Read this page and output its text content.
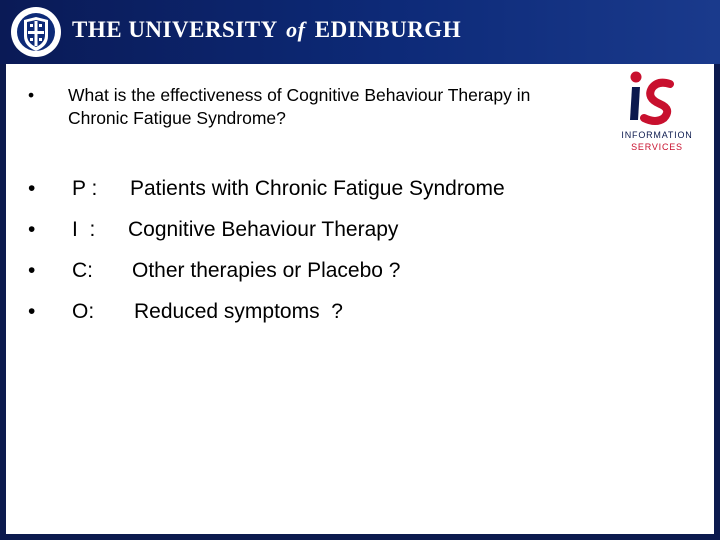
THE UNIVERSITY of EDINBURGH
•	What is the effectiveness of Cognitive Behaviour Therapy in Chronic Fatigue Syndrome?
INFORMATION
SERVICES
•	P :	Patients with Chronic Fatigue Syndrome
•	I  :	Cognitive Behaviour Therapy
•	C:	Other therapies or Placebo ?
•	O:	Reduced symptoms  ?
